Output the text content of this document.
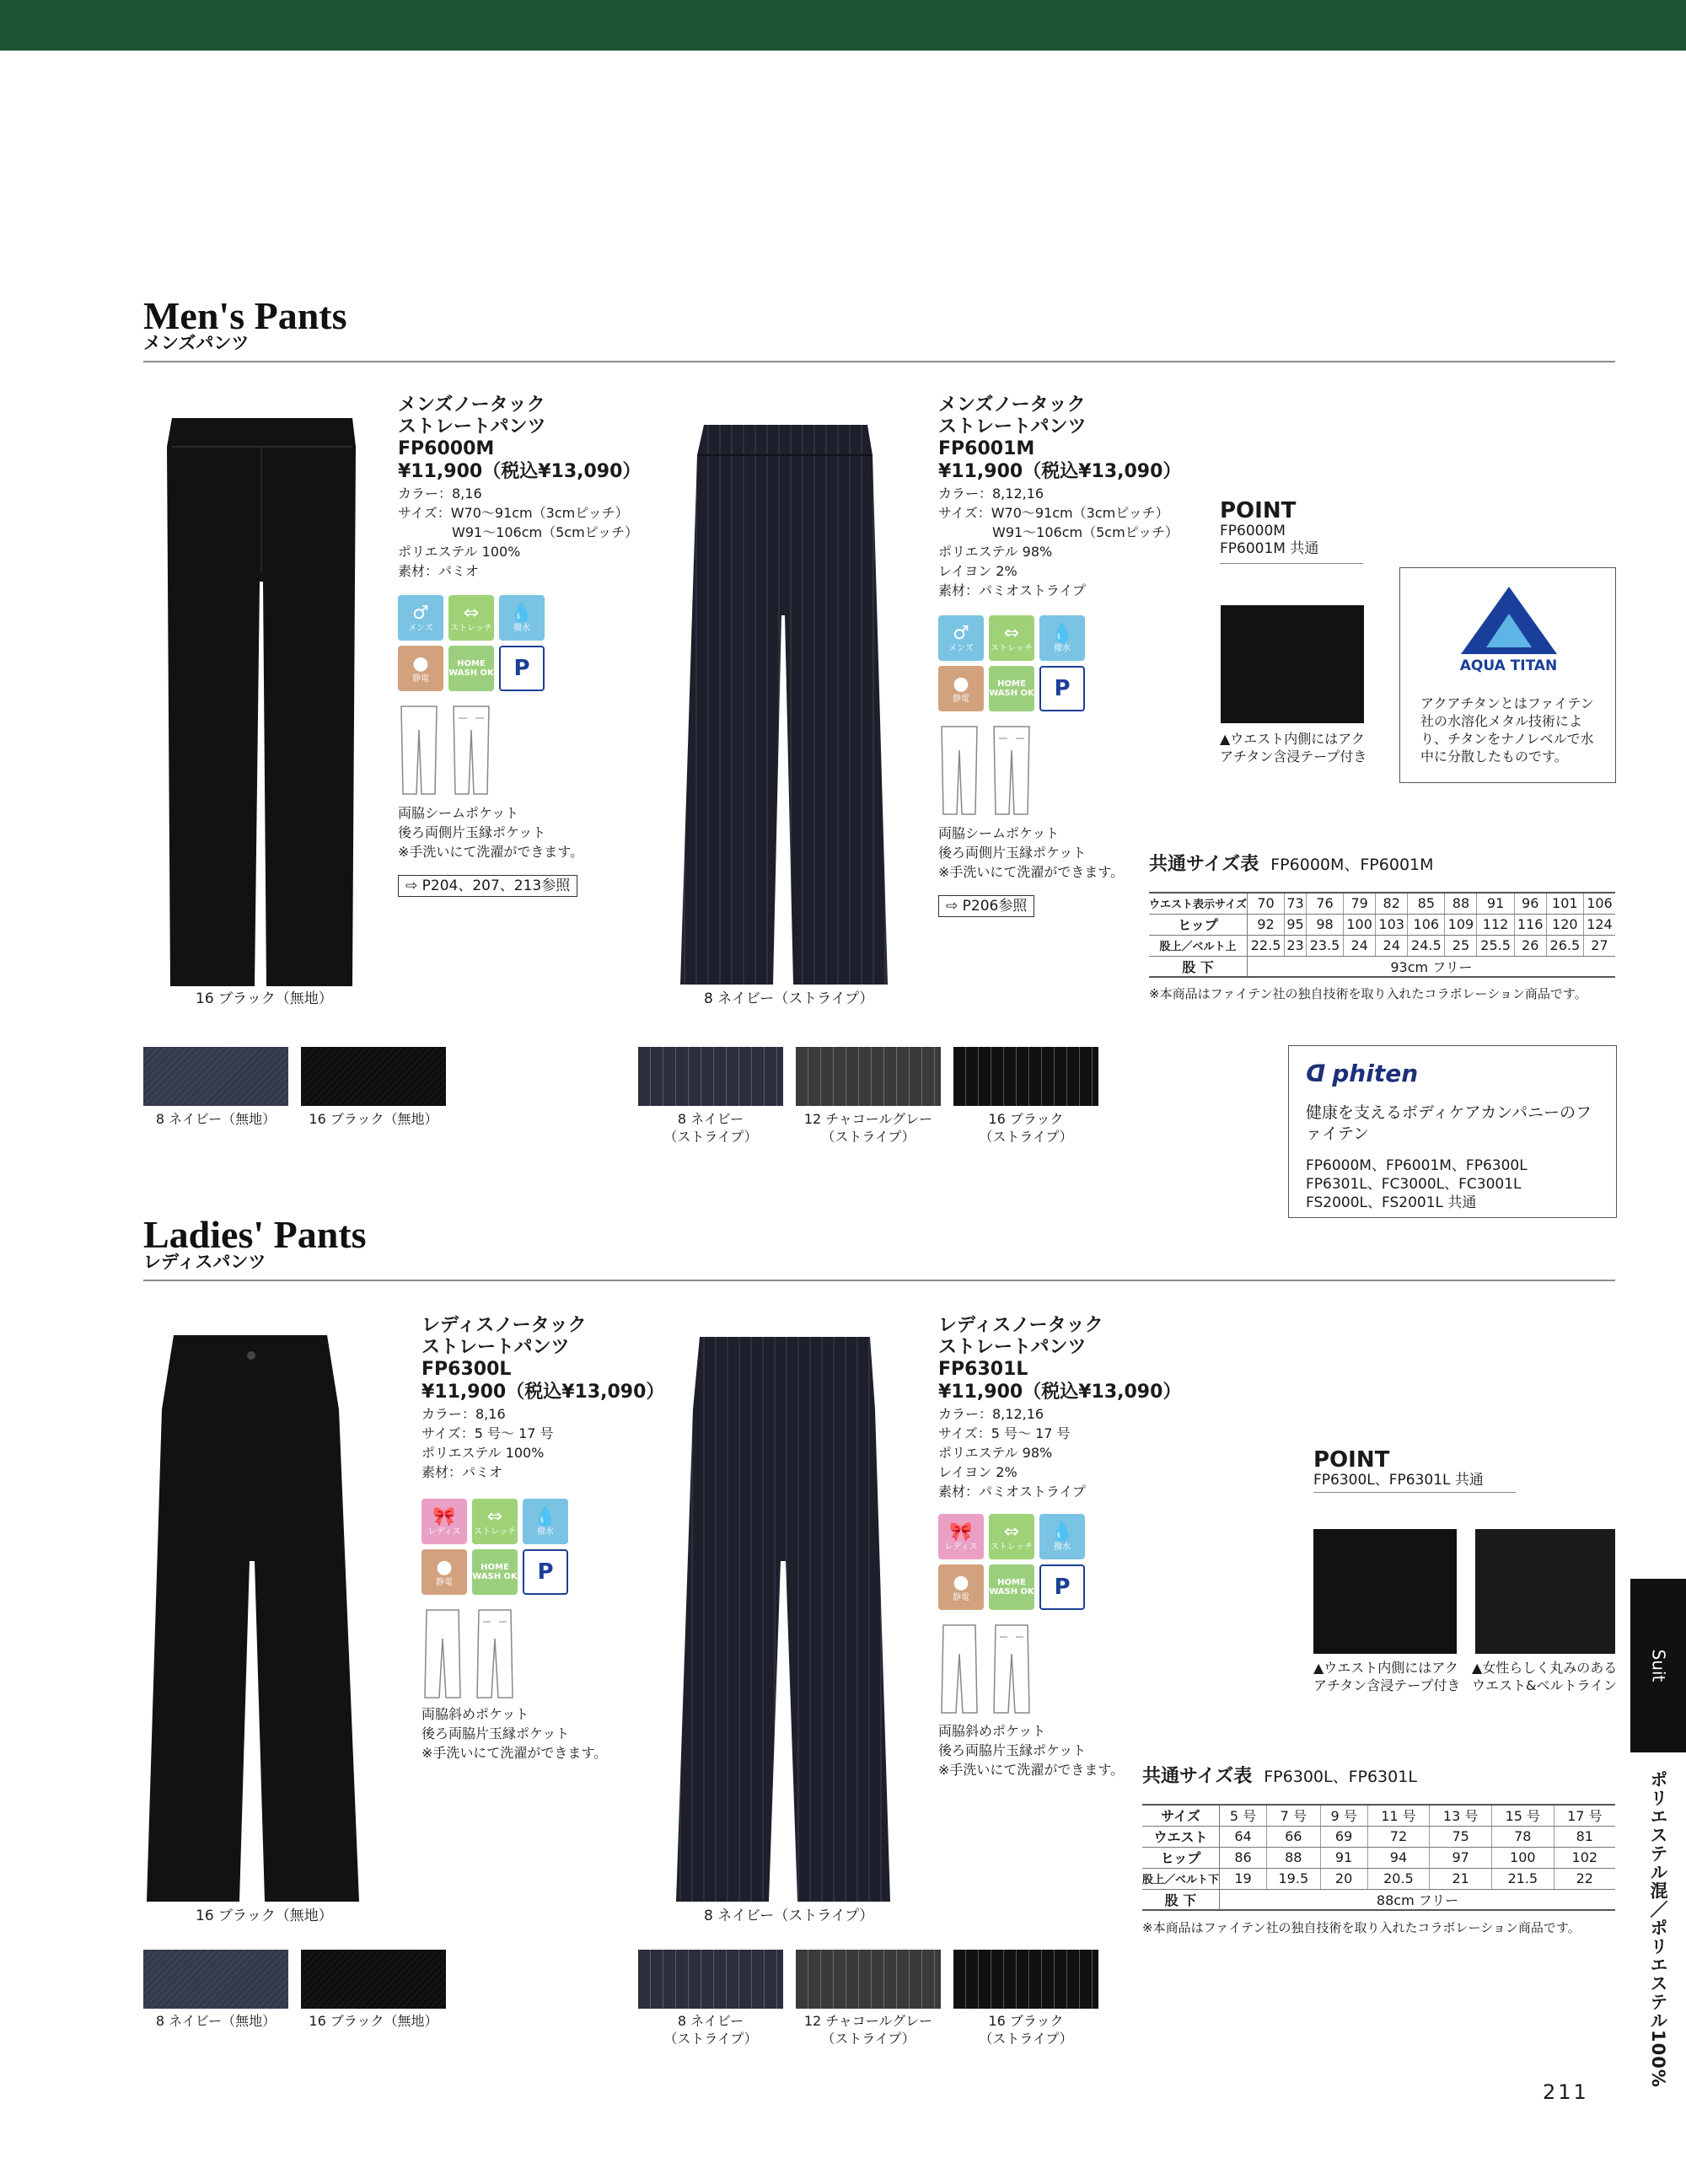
Men's Pants
メンズパンツ
16 ブラック（無地）
メンズノータック
ストレートパンツ
FP6000M
¥11,900（税込¥13,090）
カラー：8,16
サイズ：W70～91cm（3cmピッチ）
　　　　W91～106cm（5cmピッチ）
ポリエステル 100%
素材：パミオ
♂
メンズ
⇔
ストレッチ
💧
撥水
●
静電
HOME WASH OK P
両脇シームポケット
後ろ両側片玉縁ポケット
※手洗いにて洗濯ができます。
⇨ P204、207、213参照
8 ネイビー（ストライプ）
メンズノータック
ストレートパンツ
FP6001M
¥11,900（税込¥13,090）
カラー：8,12,16
サイズ：W70～91cm（3cmピッチ）
　　　　W91～106cm（5cmピッチ）
ポリエステル 98%
レイヨン 2%
素材：パミオストライプ
♂
メンズ
⇔
ストレッチ
💧
撥水
●
静電
HOME WASH OK P
両脇シームポケット
後ろ両側片玉縁ポケット
※手洗いにて洗濯ができます。
⇨ P206参照
POINT
FP6000M
FP6001M 共通
▲ウエスト内側にはアクアチタン含浸テープ付き
AQUA TITAN
アクアチタンとはファイテン社の水溶化メタル技術により、チタンをナノレベルで水中に分散したものです。
共通サイズ表 FP6000M、FP6001M
ウエスト表示サイズ	70	73	76	79	82	85	88	91	96	101	106
ヒップ	92	95	98	100	103	106	109	112	116	120	124
股上／ベルト上	22.5	23	23.5	24	24	24.5	25	25.5	26	26.5	27
股 下	93cm フリー										
※本商品はファイテン社の独自技術を取り入れたコラボレーション商品です。
8 ネイビー（無地）	16 ブラック（無地）	8 ネイビー
（ストライプ）
12 チャコールグレー
（ストライプ）
16 ブラック
（ストライプ）
ᗡ phiten
健康を支えるボディケアカンパニーのファイテン
FP6000M、FP6001M、FP6300L
FP6301L、FC3000L、FC3001L
FS2000L、FS2001L 共通
Ladies' Pants
レディスパンツ
16 ブラック（無地）
レディスノータック
ストレートパンツ
FP6300L
¥11,900（税込¥13,090）
カラー：8,16
サイズ：5 号～ 17 号
ポリエステル 100%
素材：パミオ
🎀
レディス
⇔
ストレッチ
💧
撥水
●
静電
HOME WASH OK P
両脇斜めポケット
後ろ両脇片玉縁ポケット
※手洗いにて洗濯ができます。
8 ネイビー（ストライプ）
レディスノータック
ストレートパンツ
FP6301L
¥11,900（税込¥13,090）
カラー：8,12,16
サイズ：5 号～ 17 号
ポリエステル 98%
レイヨン 2%
素材：パミオストライプ
🎀
レディス
⇔
ストレッチ
💧
撥水
●
静電
HOME WASH OK P
両脇斜めポケット
後ろ両脇片玉縁ポケット
※手洗いにて洗濯ができます。
POINT
FP6300L、FP6301L 共通
▲ウエスト内側にはアクアチタン含浸テープ付き
▲女性らしく丸みのあるウエスト&ベルトライン
共通サイズ表 FP6300L、FP6301L
サイズ	5 号	7 号	9 号	11 号	13 号	15 号	17 号
ウエスト	64	66	69	72	75	78	81
ヒップ	86	88	91	94	97	100	102
股上／ベルト下	19	19.5	20	20.5	21	21.5	22
股 下	88cm フリー						
※本商品はファイテン社の独自技術を取り入れたコラボレーション商品です。
8 ネイビー（無地）	16 ブラック（無地）	8 ネイビー
（ストライプ）
12 チャコールグレー
（ストライプ）
16 ブラック
（ストライプ）
Suit
ポリエステル混／ポリエステル100%
211
